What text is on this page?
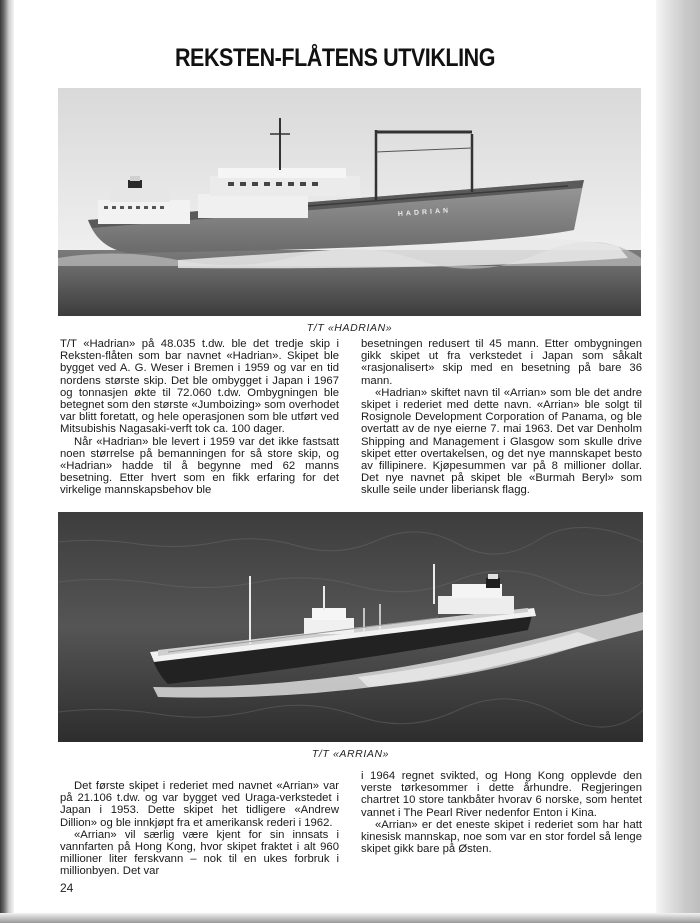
REKSTEN-FLÅTENS UTVIKLING
HADRIAN
T/T «HADRIAN»

T/T «Hadrian» på 48.035 t.dw. ble det tredje skip i Reksten-flåten som bar navnet «Hadrian». Skipet ble bygget ved A. G. Weser i Bremen i 1959 og var en tid nordens største skip. Det ble ombygget i Japan i 1967 og tonnasjen økte til 72.060 t.dw. Ombygningen ble betegnet som den største «Jumboizing» som overhodet var blitt foretatt, og hele operasjonen som ble utført ved Mitsubishis Nagasaki-verft tok ca. 100 dager.

Når «Hadrian» ble levert i 1959 var det ikke fastsatt noen størrelse på bemanningen for så store skip, og «Hadrian» hadde til å begynne med 62 manns besetning. Etter hvert som en fikk erfaring for det virkelige mannskapsbehov ble

besetningen redusert til 45 mann. Etter ombygningen gikk skipet ut fra verkstedet i Japan som såkalt «rasjonalisert» skip med en besetning på bare 36 mann.

«Hadrian» skiftet navn til «Arrian» som ble det andre skipet i rederiet med dette navn. «Arrian» ble solgt til Rosignole Development Corporation of Panama, og ble overtatt av de nye eierne 7. mai 1963. Det var Denholm Shipping and Management i Glasgow som skulle drive skipet etter overtakelsen, og det nye mannskapet besto av fillipinere. Kjøpesummen var på 8 millioner dollar. Det nye navnet på skipet ble «Burmah Beryl» som skulle seile under liberiansk flagg.

T/T «ARRIAN»

Det første skipet i rederiet med navnet «Arrian» var på 21.106 t.dw. og var bygget ved Uraga-verkstedet i Japan i 1953. Dette skipet het tidligere «Andrew Dillion» og ble innkjøpt fra et amerikansk rederi i 1962.

«Arrian» vil særlig være kjent for sin innsats i vannfarten på Hong Kong, hvor skipet fraktet i alt 960 millioner liter ferskvann – nok til en ukes forbruk i millionbyen. Det var

i 1964 regnet svikted, og Hong Kong opplevde den verste tørkesommer i dette århundre. Regjeringen chartret 10 store tankbåter hvorav 6 norske, som hentet vannet i The Pearl River nedenfor Enton i Kina.

«Arrian» er det eneste skipet i rederiet som har hatt kinesisk mannskap, noe som var en stor fordel så lenge skipet gikk bare på Østen.

24
